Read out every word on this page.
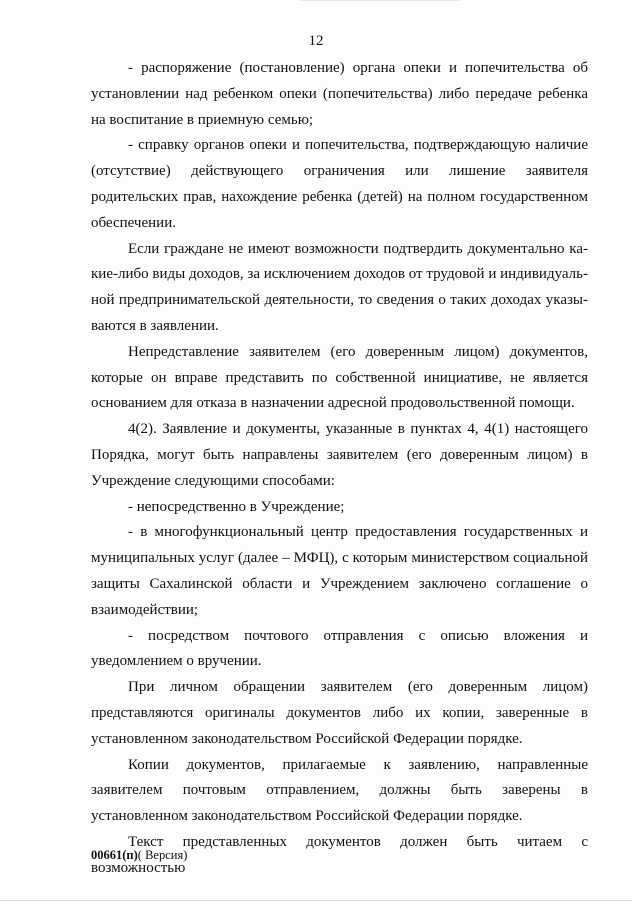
12

- распоряжение (постановление) органа опеки и попечительства об установлении над ребенком опеки (попечительства) либо передаче ребенка на воспитание в приемную семью;

- справку органов опеки и попечительства, подтверждающую наличие (отсутствие) действующего ограничения или лишение заявителя родительских прав, нахождение ребенка (детей) на полном государственном обеспечении.

Если граждане не имеют возможности подтвердить документально какие-либо виды доходов, за исключением доходов от трудовой и индивидуальной предпринимательской деятельности, то сведения о таких доходах указываются в заявлении.

Непредставление заявителем (его доверенным лицом) документов, которые он вправе представить по собственной инициативе, не является основанием для отказа в назначении адресной продовольственной помощи.

4(2). Заявление и документы, указанные в пунктах 4, 4(1) настоящего Порядка, могут быть направлены заявителем (его доверенным лицом) в Учреждение следующими способами:

- непосредственно в Учреждение;

- в многофункциональный центр предоставления государственных и муниципальных услуг (далее – МФЦ), с которым министерством социальной защиты Сахалинской области и Учреждением заключено соглашение о взаимодействии;

- посредством почтового отправления с описью вложения и уведомлением о вручении.

При личном обращении заявителем (его доверенным лицом) представляются оригиналы документов либо их копии, заверенные в установленном законодательством Российской Федерации порядке.

Копии документов, прилагаемые к заявлению, направленные заявителем почтовым отправлением, должны быть заверены в установленном законодательством Российской Федерации порядке.

Текст представленных документов должен быть читаем с возможностью

00661(п)( Версия)
